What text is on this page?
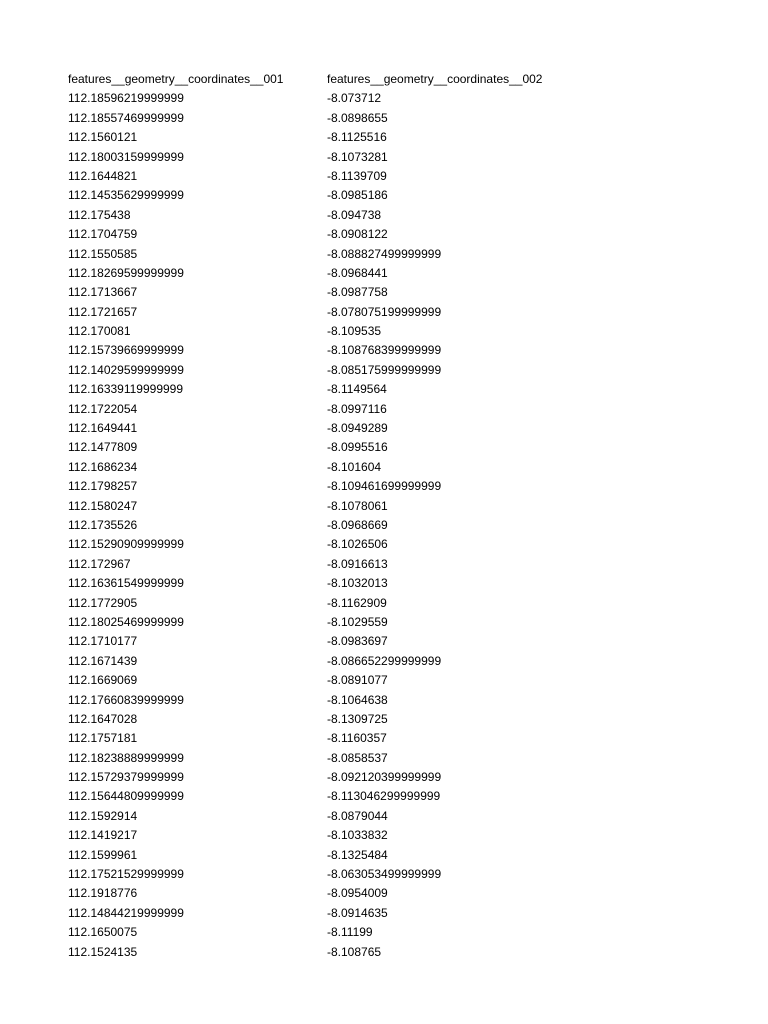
features__geometry__coordinates__001	features__geometry__coordinates__002
112.18596219999999	-8.073712
112.18557469999999	-8.0898655
112.1560121	-8.1125516
112.18003159999999	-8.1073281
112.1644821	-8.1139709
112.14535629999999	-8.0985186
112.175438	-8.094738
112.1704759	-8.0908122
112.1550585	-8.088827499999999
112.18269599999999	-8.0968441
112.1713667	-8.0987758
112.1721657	-8.078075199999999
112.170081	-8.109535
112.15739669999999	-8.108768399999999
112.14029599999999	-8.085175999999999
112.16339119999999	-8.1149564
112.1722054	-8.0997116
112.1649441	-8.0949289
112.1477809	-8.0995516
112.1686234	-8.101604
112.1798257	-8.109461699999999
112.1580247	-8.1078061
112.1735526	-8.0968669
112.15290909999999	-8.1026506
112.172967	-8.0916613
112.16361549999999	-8.1032013
112.1772905	-8.1162909
112.18025469999999	-8.1029559
112.1710177	-8.0983697
112.1671439	-8.086652299999999
112.1669069	-8.0891077
112.17660839999999	-8.1064638
112.1647028	-8.1309725
112.1757181	-8.1160357
112.18238889999999	-8.0858537
112.15729379999999	-8.092120399999999
112.15644809999999	-8.113046299999999
112.1592914	-8.0879044
112.1419217	-8.1033832
112.1599961	-8.1325484
112.17521529999999	-8.063053499999999
112.1918776	-8.0954009
112.14844219999999	-8.0914635
112.1650075	-8.11199
112.1524135	-8.108765
